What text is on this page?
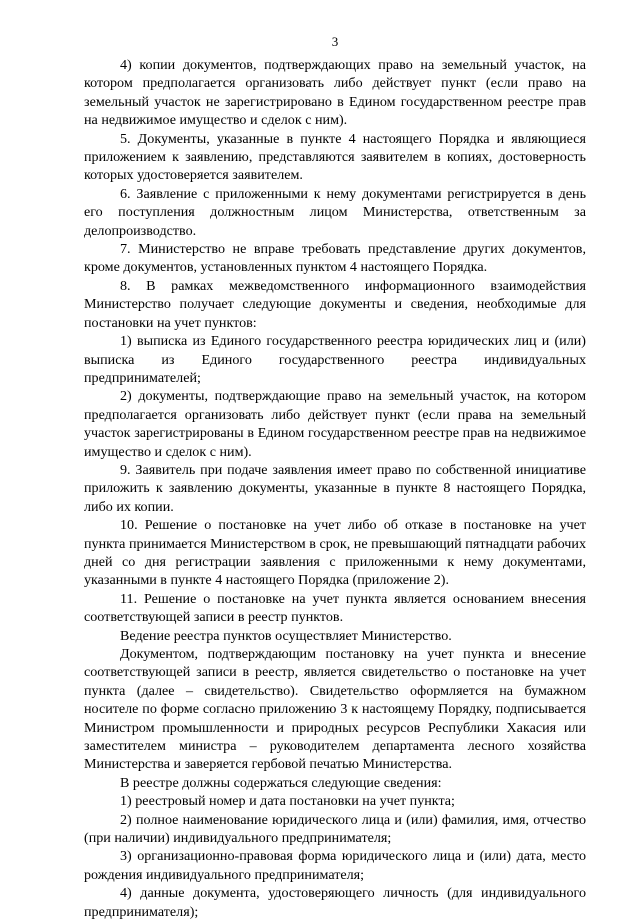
3

4) копии документов, подтверждающих право на земельный участок, на котором предполагается организовать либо действует пункт (если право на земельный участок не зарегистрировано в Едином государственном реестре прав на недвижимое имущество и сделок с ним).

5. Документы, указанные в пункте 4 настоящего Порядка и являющиеся приложением к заявлению, представляются заявителем в копиях, достоверность которых удостоверяется заявителем.

6. Заявление с приложенными к нему документами регистрируется в день его поступления должностным лицом Министерства, ответственным за делопроизводство.

7. Министерство не вправе требовать представление других документов, кроме документов, установленных пунктом 4 настоящего Порядка.

8. В рамках межведомственного информационного взаимодействия Министерство получает следующие документы и сведения, необходимые для постановки на учет пунктов:

1) выписка из Единого государственного реестра юридических лиц и (или) выписка из Единого государственного реестра индивидуальных предпринимателей;

2) документы, подтверждающие право на земельный участок, на котором предполагается организовать либо действует пункт (если права на земельный участок зарегистрированы в Едином государственном реестре прав на недвижимое имущество и сделок с ним).

9. Заявитель при подаче заявления имеет право по собственной инициативе приложить к заявлению документы, указанные в пункте 8 настоящего Порядка, либо их копии.

10. Решение о постановке на учет либо об отказе в постановке на учет пункта принимается Министерством в срок, не превышающий пятнадцати рабочих дней со дня регистрации заявления с приложенными к нему документами, указанными в пункте 4 настоящего Порядка (приложение 2).

11. Решение о постановке на учет пункта является основанием внесения соответствующей записи в реестр пунктов.

Ведение реестра пунктов осуществляет Министерство.

Документом, подтверждающим постановку на учет пункта и внесение соответствующей записи в реестр, является свидетельство о постановке на учет пункта (далее – свидетельство). Свидетельство оформляется на бумажном носителе по форме согласно приложению 3 к настоящему Порядку, подписывается Министром промышленности и природных ресурсов Республики Хакасия или заместителем министра – руководителем департамента лесного хозяйства Министерства и заверяется гербовой печатью Министерства.

В реестре должны содержаться следующие сведения:

1) реестровый номер и дата постановки на учет пункта;

2) полное наименование юридического лица и (или) фамилия, имя, отчество (при наличии) индивидуального предпринимателя;

3) организационно-правовая форма юридического лица и (или) дата, место рождения индивидуального предпринимателя;

4) данные документа, удостоверяющего личность (для индивидуального предпринимателя);
